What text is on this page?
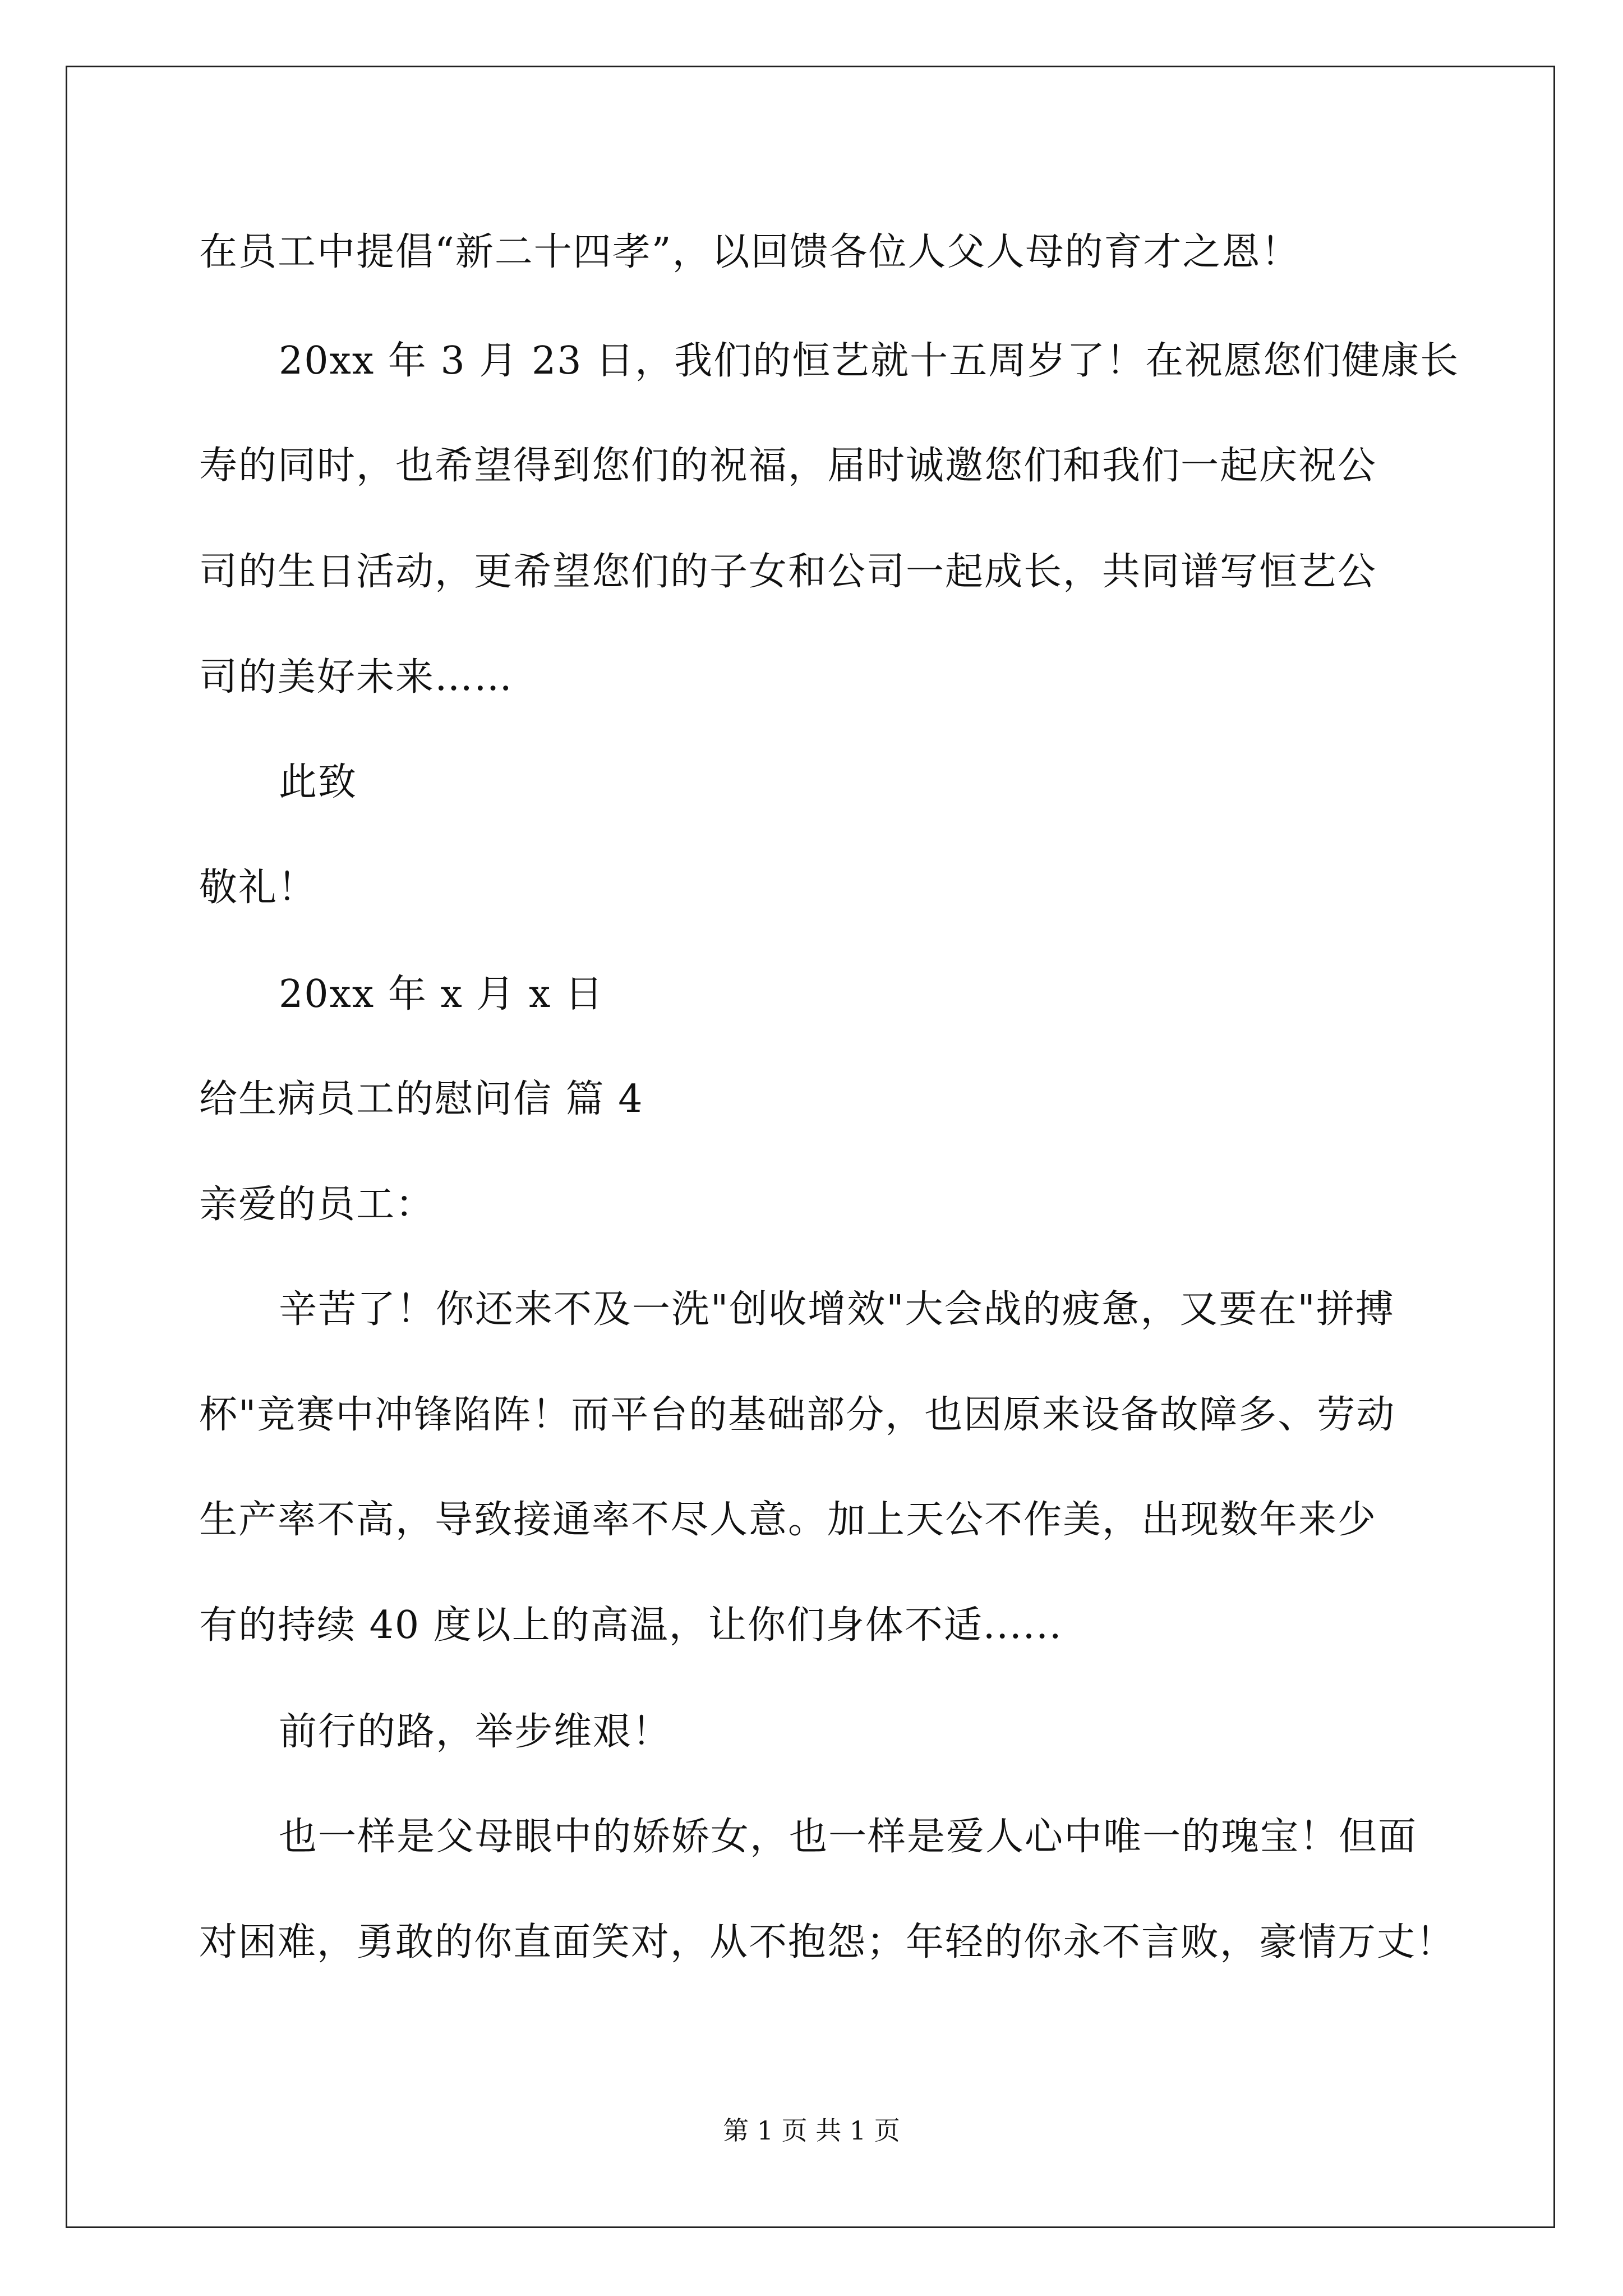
在员工中提倡“新二十四孝”，以回馈各位人父人母的育才之恩！
20xx 年 3 月 23 日，我们的恒艺就十五周岁了！在祝愿您们健康长
寿的同时，也希望得到您们的祝福，届时诚邀您们和我们一起庆祝公
司的生日活动，更希望您们的子女和公司一起成长，共同谱写恒艺公
司的美好未来……
此致
敬礼！
20xx 年 x 月 x 日
给生病员工的慰问信 篇 4
亲爱的员工：
辛苦了！你还来不及一洗"创收增效"大会战的疲惫，又要在"拼搏
杯"竞赛中冲锋陷阵！而平台的基础部分，也因原来设备故障多、劳动
生产率不高，导致接通率不尽人意。加上天公不作美，出现数年来少
有的持续 40 度以上的高温，让你们身体不适......
前行的路，举步维艰！
也一样是父母眼中的娇娇女，也一样是爱人心中唯一的瑰宝！但面
对困难，勇敢的你直面笑对，从不抱怨；年轻的你永不言败，豪情万丈！
第 1 页 共 1 页
